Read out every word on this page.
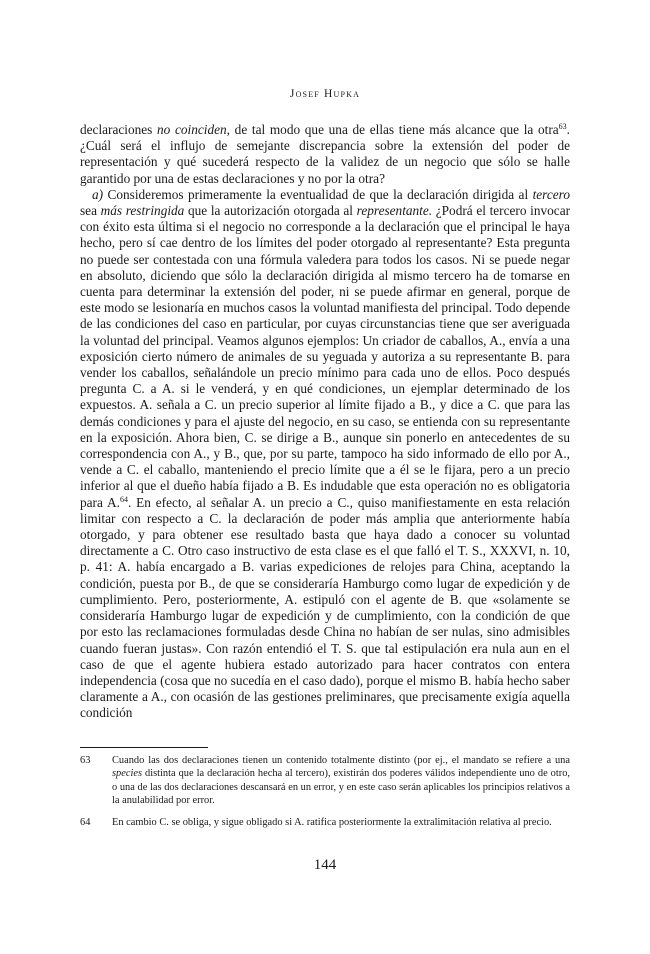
Josef Hupka

declaraciones no coinciden, de tal modo que una de ellas tiene más alcance que la otra$^{63}$. ¿Cuál será el influjo de semejante discrepancia sobre la extensión del poder de representación y qué sucederá respecto de la validez de un negocio que sólo se halle garantido por una de estas declaraciones y no por la otra?

a) Consideremos primeramente la eventualidad de que la declaración dirigida al tercero sea más restringida que la autorización otorgada al representante. ¿Podrá el tercero invocar con éxito esta última si el negocio no corresponde a la declaración que el principal le haya hecho, pero sí cae dentro de los límites del poder otorgado al representante? Esta pregunta no puede ser contestada con una fórmula valedera para todos los casos. Ni se puede negar en absoluto, diciendo que sólo la declaración dirigida al mismo tercero ha de tomarse en cuenta para determinar la extensión del poder, ni se puede afirmar en general, porque de este modo se lesionaría en muchos casos la voluntad manifiesta del principal. Todo depende de las condiciones del caso en particular, por cuyas circunstancias tiene que ser averiguada la voluntad del principal. Veamos algunos ejemplos: Un criador de caballos, A., envía a una exposición cierto número de animales de su yeguada y autoriza a su representante B. para vender los caballos, señalándole un precio mínimo para cada uno de ellos. Poco después pregunta C. a A. si le venderá, y en qué condiciones, un ejemplar determinado de los expuestos. A. señala a C. un precio superior al límite fijado a B., y dice a C. que para las demás condiciones y para el ajuste del negocio, en su caso, se entienda con su representante en la exposición. Ahora bien, C. se dirige a B., aunque sin ponerlo en antecedentes de su correspondencia con A., y B., que, por su parte, tampoco ha sido informado de ello por A., vende a C. el caballo, manteniendo el precio límite que a él se le fijara, pero a un precio inferior al que el dueño había fijado a B. Es indudable que esta operación no es obligatoria para A.$^{64}$. En efecto, al señalar A. un precio a C., quiso manifiestamente en esta relación limitar con respecto a C. la declaración de poder más amplia que anteriormente había otorgado, y para obtener ese resultado basta que haya dado a conocer su voluntad directamente a C. Otro caso instructivo de esta clase es el que falló el T. S., XXXVI, n. 10, p. 41: A. había encargado a B. varias expediciones de relojes para China, aceptando la condición, puesta por B., de que se consideraría Hamburgo como lugar de expedición y de cumplimiento. Pero, posteriormente, A. estipuló con el agente de B. que «solamente se consideraría Hamburgo lugar de expedición y de cumplimiento, con la condición de que por esto las reclamaciones formuladas desde China no habían de ser nulas, sino admisibles cuando fueran justas». Con razón entendió el T. S. que tal estipulación era nula aun en el caso de que el agente hubiera estado autorizado para hacer contratos con entera independencia (cosa que no sucedía en el caso dado), porque el mismo B. había hecho saber claramente a A., con ocasión de las gestiones preliminares, que precisamente exigía aquella condición

63	Cuando las dos declaraciones tienen un contenido totalmente distinto (por ej., el mandato se refiere a una species distinta que la declaración hecha al tercero), existirán dos poderes válidos independiente uno de otro, o una de las dos declaraciones descansará en un error, y en este caso serán aplicables los principios relativos a la anulabilidad por error.
64	En cambio C. se obliga, y sigue obligado si A. ratifica posteriormente la extralimitación relativa al precio.
144
